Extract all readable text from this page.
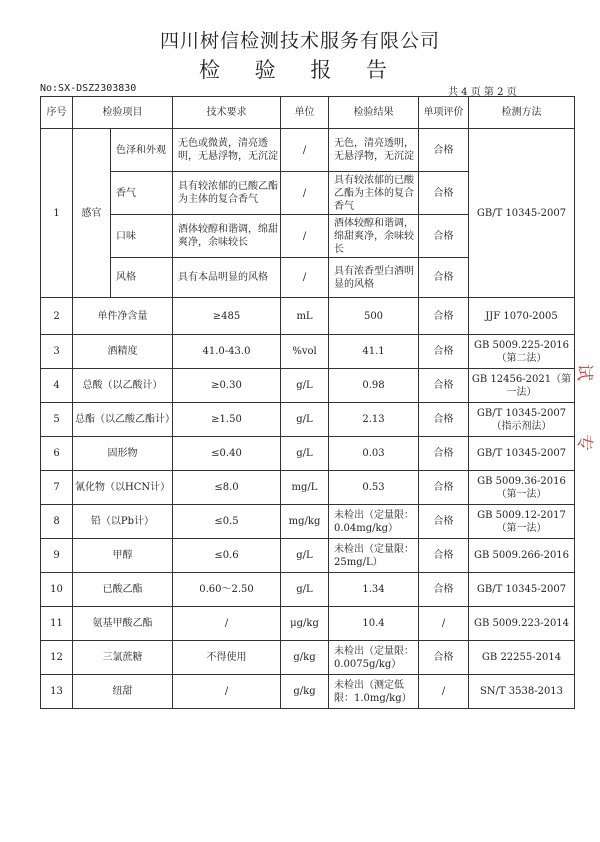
四川树信检测技术服务有限公司
检 验 报 告
No:SX-DSZ2303830	共 4 页 第 2 页
序号	检验项目		技术要求	单位	检验结果	单项评价	检测方法
1	感官	色泽和外观	无色或微黄，清亮透明，无悬浮物，无沉淀	/	无色，清亮透明，无悬浮物，无沉淀	合格	GB/T 10345-2007
		香气	具有较浓郁的已酸乙酯为主体的复合香气	/	具有较浓郁的已酸乙酯为主体的复合香气	合格	
		口味	酒体较醇和谐调，绵甜爽净，余味较长	/	酒体较醇和谐调，绵甜爽净，余味较长	合格	
		风格	具有本品明显的风格	/	具有浓香型白酒明显的风格	合格	
2	单件净含量		≥485	mL	500	合格	JJF 1070-2005
3	酒精度		41.0-43.0	%vol	41.1	合格	GB 5009.225-2016（第二法）
4	总酸（以乙酸计）		≥0.30	g/L	0.98	合格	GB 12456-2021（第一法）
5	总酯（以乙酸乙酯计）		≥1.50	g/L	2.13	合格	GB/T 10345-2007（指示剂法）
6	固形物		≤0.40	g/L	0.03	合格	GB/T 10345-2007
7	氰化物（以HCN计）		≤8.0	mg/L	0.53	合格	GB 5009.36-2016（第一法）
8	铅（以Pb计）		≤0.5	mg/kg	未检出（定量限：0.04mg/kg）	合格	GB 5009.12-2017（第一法）
9	甲醇		≤0.6	g/L	未检出（定量限：25mg/L）	合格	GB 5009.266-2016
10	已酸乙酯		0.60～2.50	g/L	1.34	合格	GB/T 10345-2007
11	氨基甲酸乙酯		/	μg/kg	10.4	/	GB 5009.223-2014
12	三氯蔗糖		不得使用	g/kg	未检出（定量限：0.0075g/kg）	合格	GB 22255-2014
13	纽甜		/	g/kg	未检出（测定低限：1.0mg/kg）	/	SN/T 3538-2013
试
专
